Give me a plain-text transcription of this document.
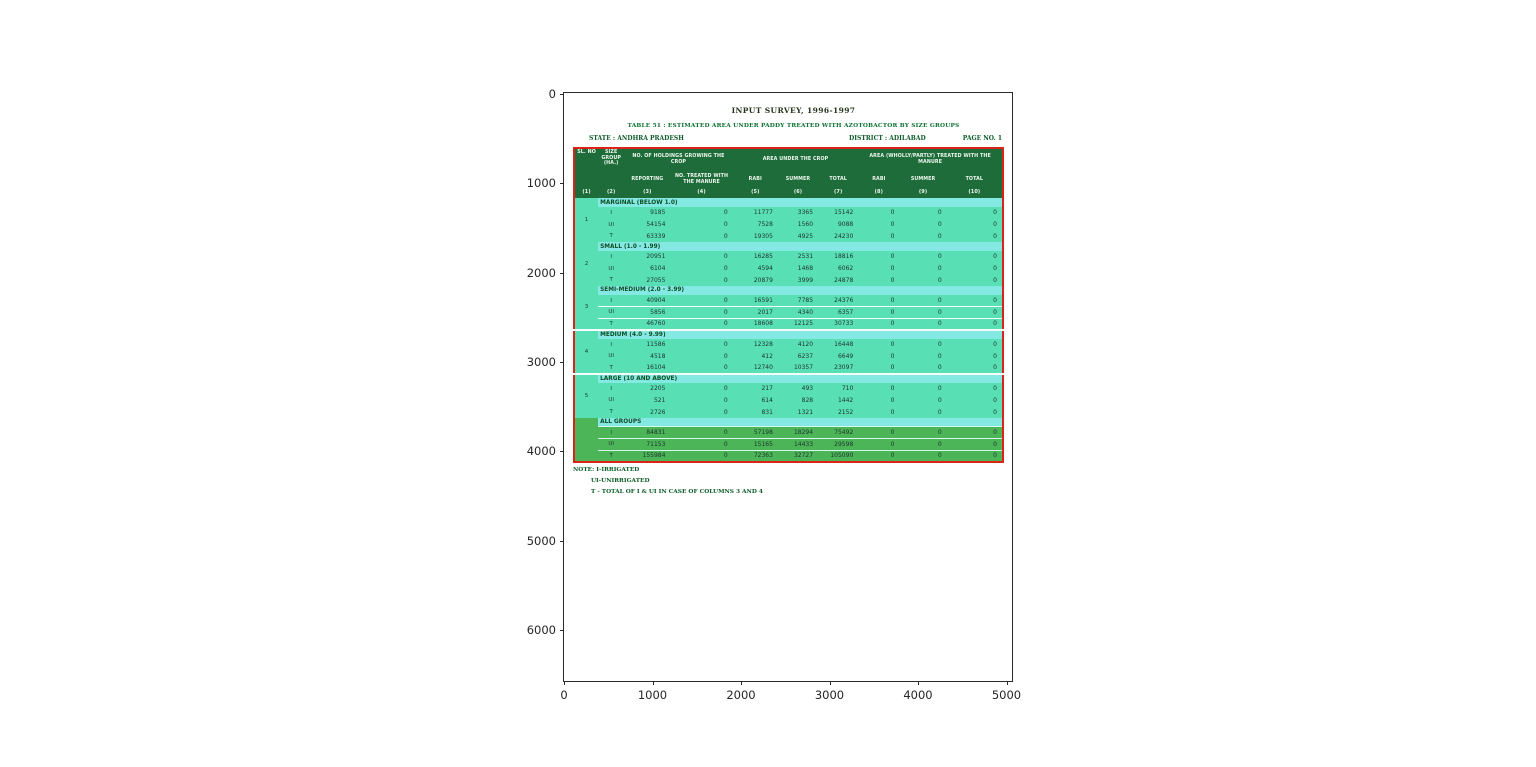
0	1000	2000	3000	4000	5000
0
1000
2000
3000
4000
5000
6000
INPUT SURVEY, 1996-1997
TABLE 51 : ESTIMATED AREA UNDER PADDY TREATED WITH AZOTOBACTOR BY SIZE GROUPS
STATE : ANDHRA PRADESH	DISTRICT : ADILABAD	PAGE NO. 1
SL. NO	SIZE GROUP (HA.)	NO. OF HOLDINGS GROWING THE CROP		AREA UNDER THE CROP			AREA (WHOLLY/PARTLY) TREATED WITH THE MANURE		
		REPORTING	NO. TREATED WITH THE MANURE	RABI	SUMMER	TOTAL	RABI	SUMMER	TOTAL
(1)	(2)	(3)	(4)	(5)	(6)	(7)	(8)	(9)	(10)
1	MARGINAL (BELOW 1.0)								
	I	9185	0	11777	3365	15142	0	0	0
	UI	54154	0	7528	1560	9088	0	0	0
	T	63339	0	19305	4925	24230	0	0	0
2	SMALL (1.0 - 1.99)								
	I	20951	0	16285	2531	18816	0	0	0
	UI	6104	0	4594	1468	6062	0	0	0
	T	27055	0	20879	3999	24878	0	0	0
3	SEMI-MEDIUM (2.0 - 3.99)								
	I	40904	0	16591	7785	24376	0	0	0
	UI	5856	0	2017	4340	6357	0	0	0
	T	46760	0	18608	12125	30733	0	0	0
4	MEDIUM (4.0 - 9.99)								
	I	11586	0	12328	4120	16448	0	0	0
	UI	4518	0	412	6237	6649	0	0	0
	T	16104	0	12740	10357	23097	0	0	0
5	LARGE (10 AND ABOVE)								
	I	2205	0	217	493	710	0	0	0
	UI	521	0	614	828	1442	0	0	0
	T	2726	0	831	1321	2152	0	0	0
	ALL GROUPS								
	I	84831	0	57198	18294	75492	0	0	0
	UI	71153	0	15165	14433	29598	0	0	0
	T	155984	0	72363	32727	105090	0	0	0
NOTE: I-IRRIGATED
UI-UNIRRIGATED
T - TOTAL OF I & UI IN CASE OF COLUMNS 3 AND 4
